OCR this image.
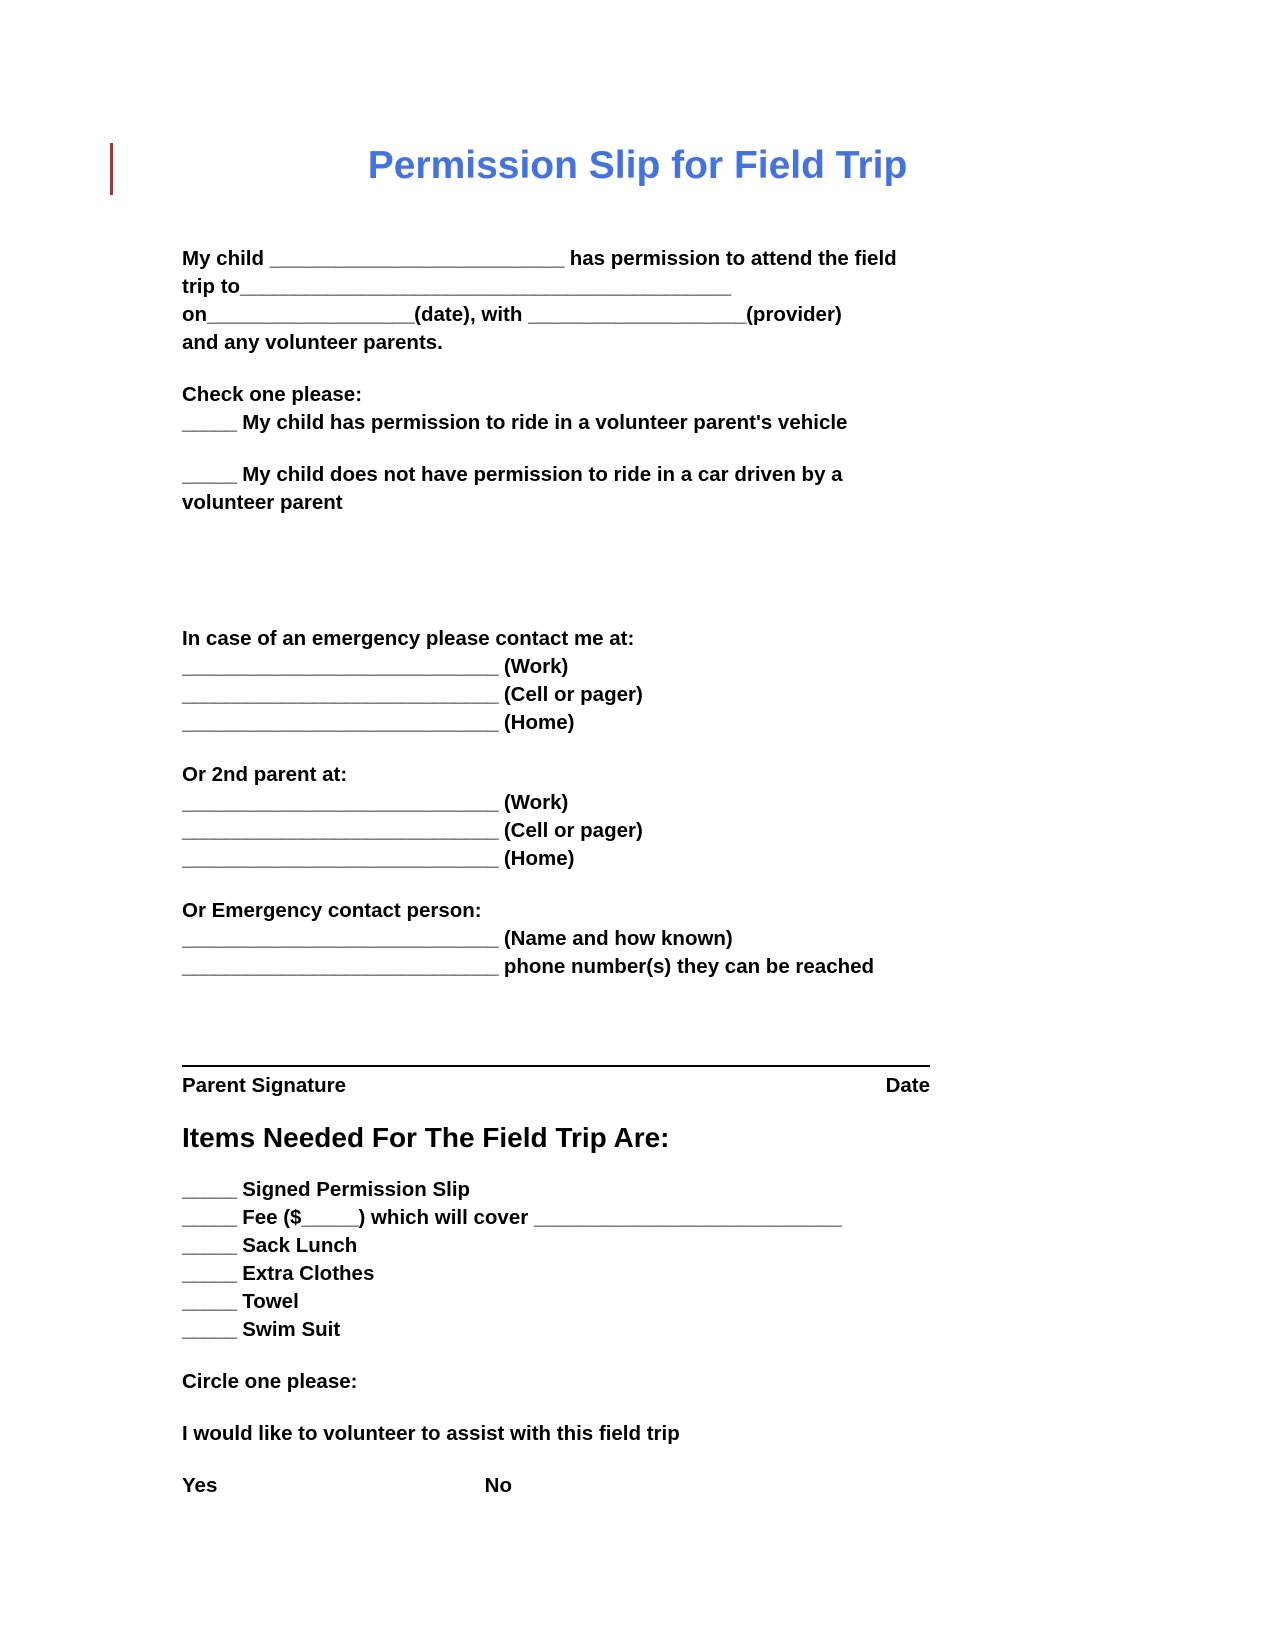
Permission Slip for Field Trip
My child ___________________________ has permission to attend the field
trip to_____________________________________________
on___________________(date), with ____________________(provider)
and any volunteer parents.
Check one please:
_____ My child has permission to ride in a volunteer parent's vehicle
_____ My child does not have permission to ride in a car driven by a
volunteer parent
In case of an emergency please contact me at:
_____________________________ (Work)
_____________________________ (Cell or pager)
_____________________________ (Home)
Or 2nd parent at:
_____________________________ (Work)
_____________________________ (Cell or pager)
_____________________________ (Home)
Or Emergency contact person:
_____________________________ (Name and how known)
_____________________________ phone number(s) they can be reached
Parent Signature	Date
Items Needed For The Field Trip Are:
_____ Signed Permission Slip
_____ Fee ($_____) which will cover ___________________________
_____ Sack Lunch
_____ Extra Clothes
_____ Towel
_____ Swim Suit
Circle one please:
I would like to volunteer to assist with this field trip
Yes	No
